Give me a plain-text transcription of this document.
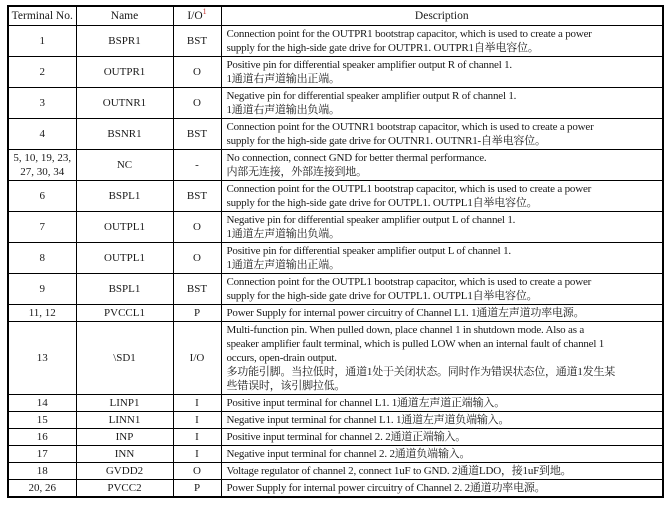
Terminal No.	Name	$I/O^1$	Description
1	BSPR1	BST	Connection point for the OUTPR1 bootstrap capacitor, which is used to create a power
supply for the high-side gate drive for OUTPR1. OUTPR1自举电容位。

2	OUTPR1	O	Positive pin for differential speaker amplifier output R of channel 1.
1通道右声道输出正端。

3	OUTNR1	O	Negative pin for differential speaker amplifier output R of channel 1.
1通道右声道输出负端。

4	BSNR1	BST	Connection point for the OUTNR1 bootstrap capacitor, which is used to create a power
supply for the high-side gate drive for OUTNR1. OUTNR1-自举电容位。

5, 10, 19, 23, 27, 30, 34	NC	-	No connection, connect GND for better thermal performance.
内部无连接，外部连接到地。

6	BSPL1	BST	Connection point for the OUTPL1 bootstrap capacitor, which is used to create a power
supply for the high-side gate drive for OUTPL1. OUTPL1自举电容位。

7	OUTPL1	O	Negative pin for differential speaker amplifier output L of channel 1.
1通道左声道输出负端。

8	OUTPL1	O	Positive pin for differential speaker amplifier output L of channel 1.
1通道左声道输出正端。

9	BSPL1	BST	Connection point for the OUTPL1 bootstrap capacitor, which is used to create a power
supply for the high-side gate drive for OUTPL1. OUTPL1自举电容位。

11, 12	PVCCL1	P	Power Supply for internal power circuitry of Channel L1. 1通道左声道功率电源。

13	\SD1	I/O	Multi-function pin. When pulled down, place channel 1 in shutdown mode. Also as a
speaker amplifier fault terminal, which is pulled LOW when an internal fault of channel 1
occurs, open-drain output.
多功能引脚。当拉低时，通道1处于关闭状态。同时作为错误状态位，通道1发生某
些错误时，该引脚拉低。

14	LINP1	I	Positive input terminal for channel L1. 1通道左声道正端输入。

15	LINN1	I	Negative input terminal for channel L1. 1通道左声道负端输入。

16	INP	I	Positive input terminal for channel 2. 2通道正端输入。

17	INN	I	Negative input terminal for channel 2. 2通道负端输入。

18	GVDD2	O	Voltage regulator of channel 2, connect 1uF to GND. 2通道LDO，接1uF到地。

20, 26	PVCC2	P	Power Supply for internal power circuitry of Channel 2. 2通道功率电源。
